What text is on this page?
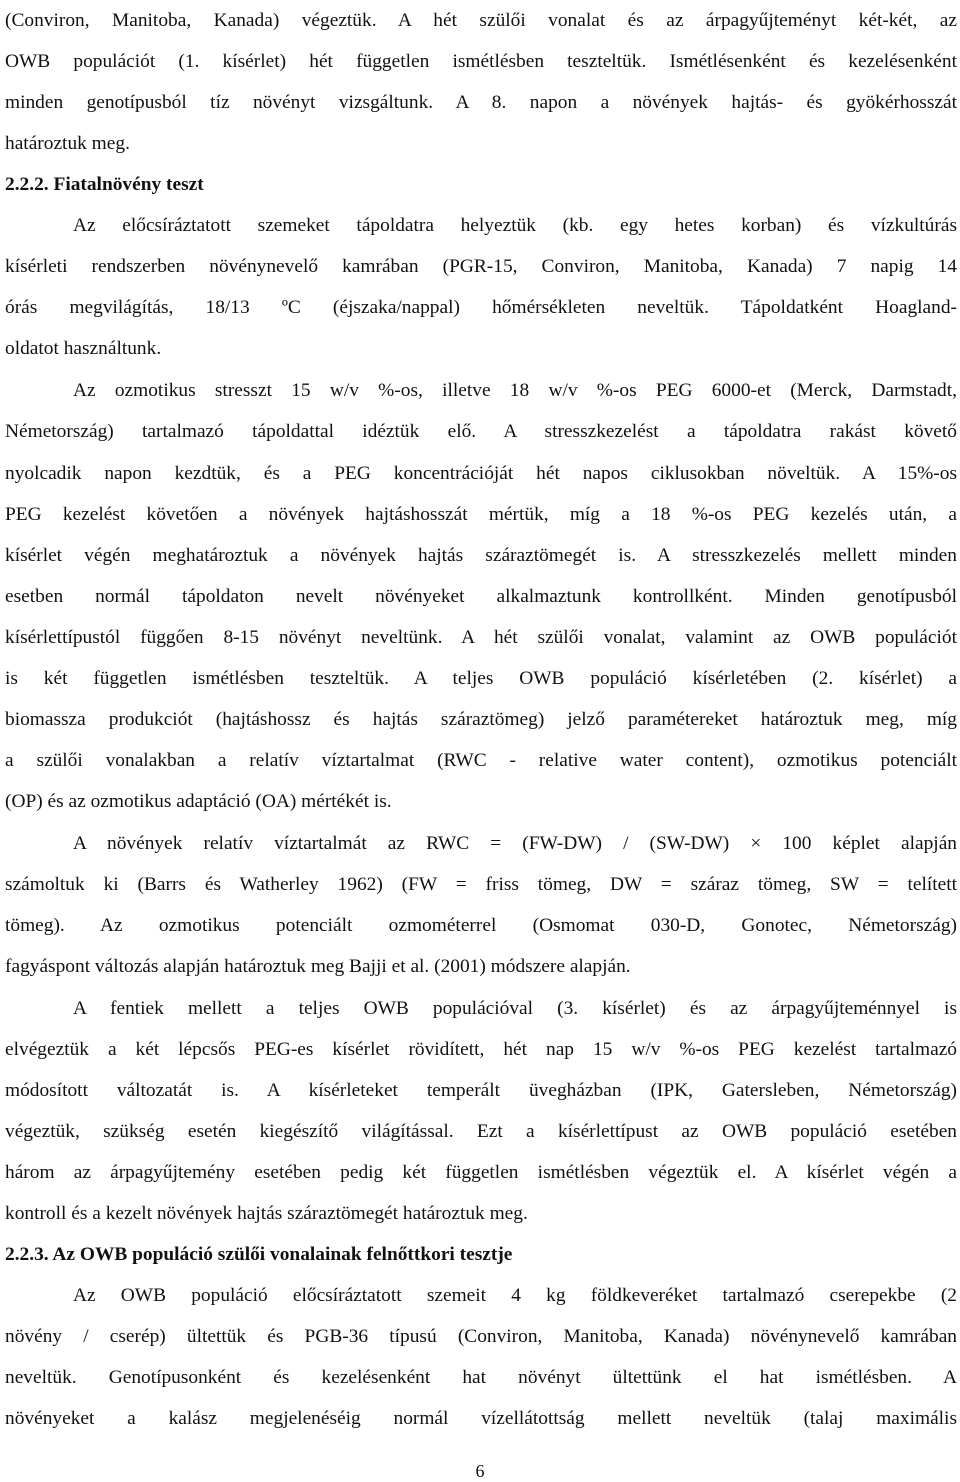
(Conviron, Manitoba, Kanada) végeztük. A hét szülői vonalat és az árpagyűjteményt két-két, az
OWB populációt (1. kísérlet) hét független ismétlésben teszteltük. Ismétlésenként és kezelésenként
minden genotípusból tíz növényt vizsgáltunk. A 8. napon a növények hajtás- és gyökérhosszát
határoztuk meg.
2.2.2. Fiatalnövény teszt
Az előcsíráztatott szemeket tápoldatra helyeztük (kb. egy hetes korban) és vízkultúrás
kísérleti rendszerben növénynevelő kamrában (PGR-15, Conviron, Manitoba, Kanada) 7 napig 14
órás megvilágítás, 18/13 ºC (éjszaka/nappal) hőmérsékleten neveltük. Tápoldatként Hoagland-
oldatot használtunk.
Az ozmotikus stresszt 15 w/v %-os, illetve 18 w/v %-os PEG 6000-et (Merck, Darmstadt,
Németország) tartalmazó tápoldattal idéztük elő. A stresszkezelést a tápoldatra rakást követő
nyolcadik napon kezdtük, és a PEG koncentrációját hét napos ciklusokban növeltük. A 15%-os
PEG kezelést követően a növények hajtáshosszát mértük, míg a 18 %-os PEG kezelés után, a
kísérlet végén meghatároztuk a növények hajtás száraztömegét is. A stresszkezelés mellett minden
esetben normál tápoldaton nevelt növényeket alkalmaztunk kontrollként. Minden genotípusból
kísérlettípustól függően 8-15 növényt neveltünk. A hét szülői vonalat, valamint az OWB populációt
is két független ismétlésben teszteltük. A teljes OWB populáció kísérletében (2. kísérlet) a
biomassza produkciót (hajtáshossz és hajtás száraztömeg) jelző paramétereket határoztuk meg, míg
a szülői vonalakban a relatív víztartalmat (RWC - relative water content), ozmotikus potenciált
(OP) és az ozmotikus adaptáció (OA) mértékét is.
A növények relatív víztartalmát az RWC = (FW-DW) / (SW-DW) × 100 képlet alapján
számoltuk ki (Barrs és Watherley 1962) (FW = friss tömeg, DW = száraz tömeg, SW = telített
tömeg). Az ozmotikus potenciált ozmométerrel (Osmomat 030-D, Gonotec, Németország)
fagyáspont változás alapján határoztuk meg Bajji et al. (2001) módszere alapján.
A fentiek mellett a teljes OWB populációval (3. kísérlet) és az árpagyűjteménnyel is
elvégeztük a két lépcsős PEG-es kísérlet rövidített, hét nap 15 w/v %-os PEG kezelést tartalmazó
módosított változatát is. A kísérleteket temperált üvegházban (IPK, Gatersleben, Németország)
végeztük, szükség esetén kiegészítő világítással. Ezt a kísérlettípust az OWB populáció esetében
három az árpagyűjtemény esetében pedig két független ismétlésben végeztük el. A kísérlet végén a
kontroll és a kezelt növények hajtás száraztömegét határoztuk meg.
2.2.3. Az OWB populáció szülői vonalainak felnőttkori tesztje
Az OWB populáció előcsíráztatott szemeit 4 kg földkeveréket tartalmazó cserepekbe (2
növény / cserép) ültettük és PGB-36 típusú (Conviron, Manitoba, Kanada) növénynevelő kamrában
neveltük. Genotípusonként és kezelésenként hat növényt ültettünk el hat ismétlésben. A
növényeket a kalász megjelenéséig normál vízellátottság mellett neveltük (talaj maximális
6
